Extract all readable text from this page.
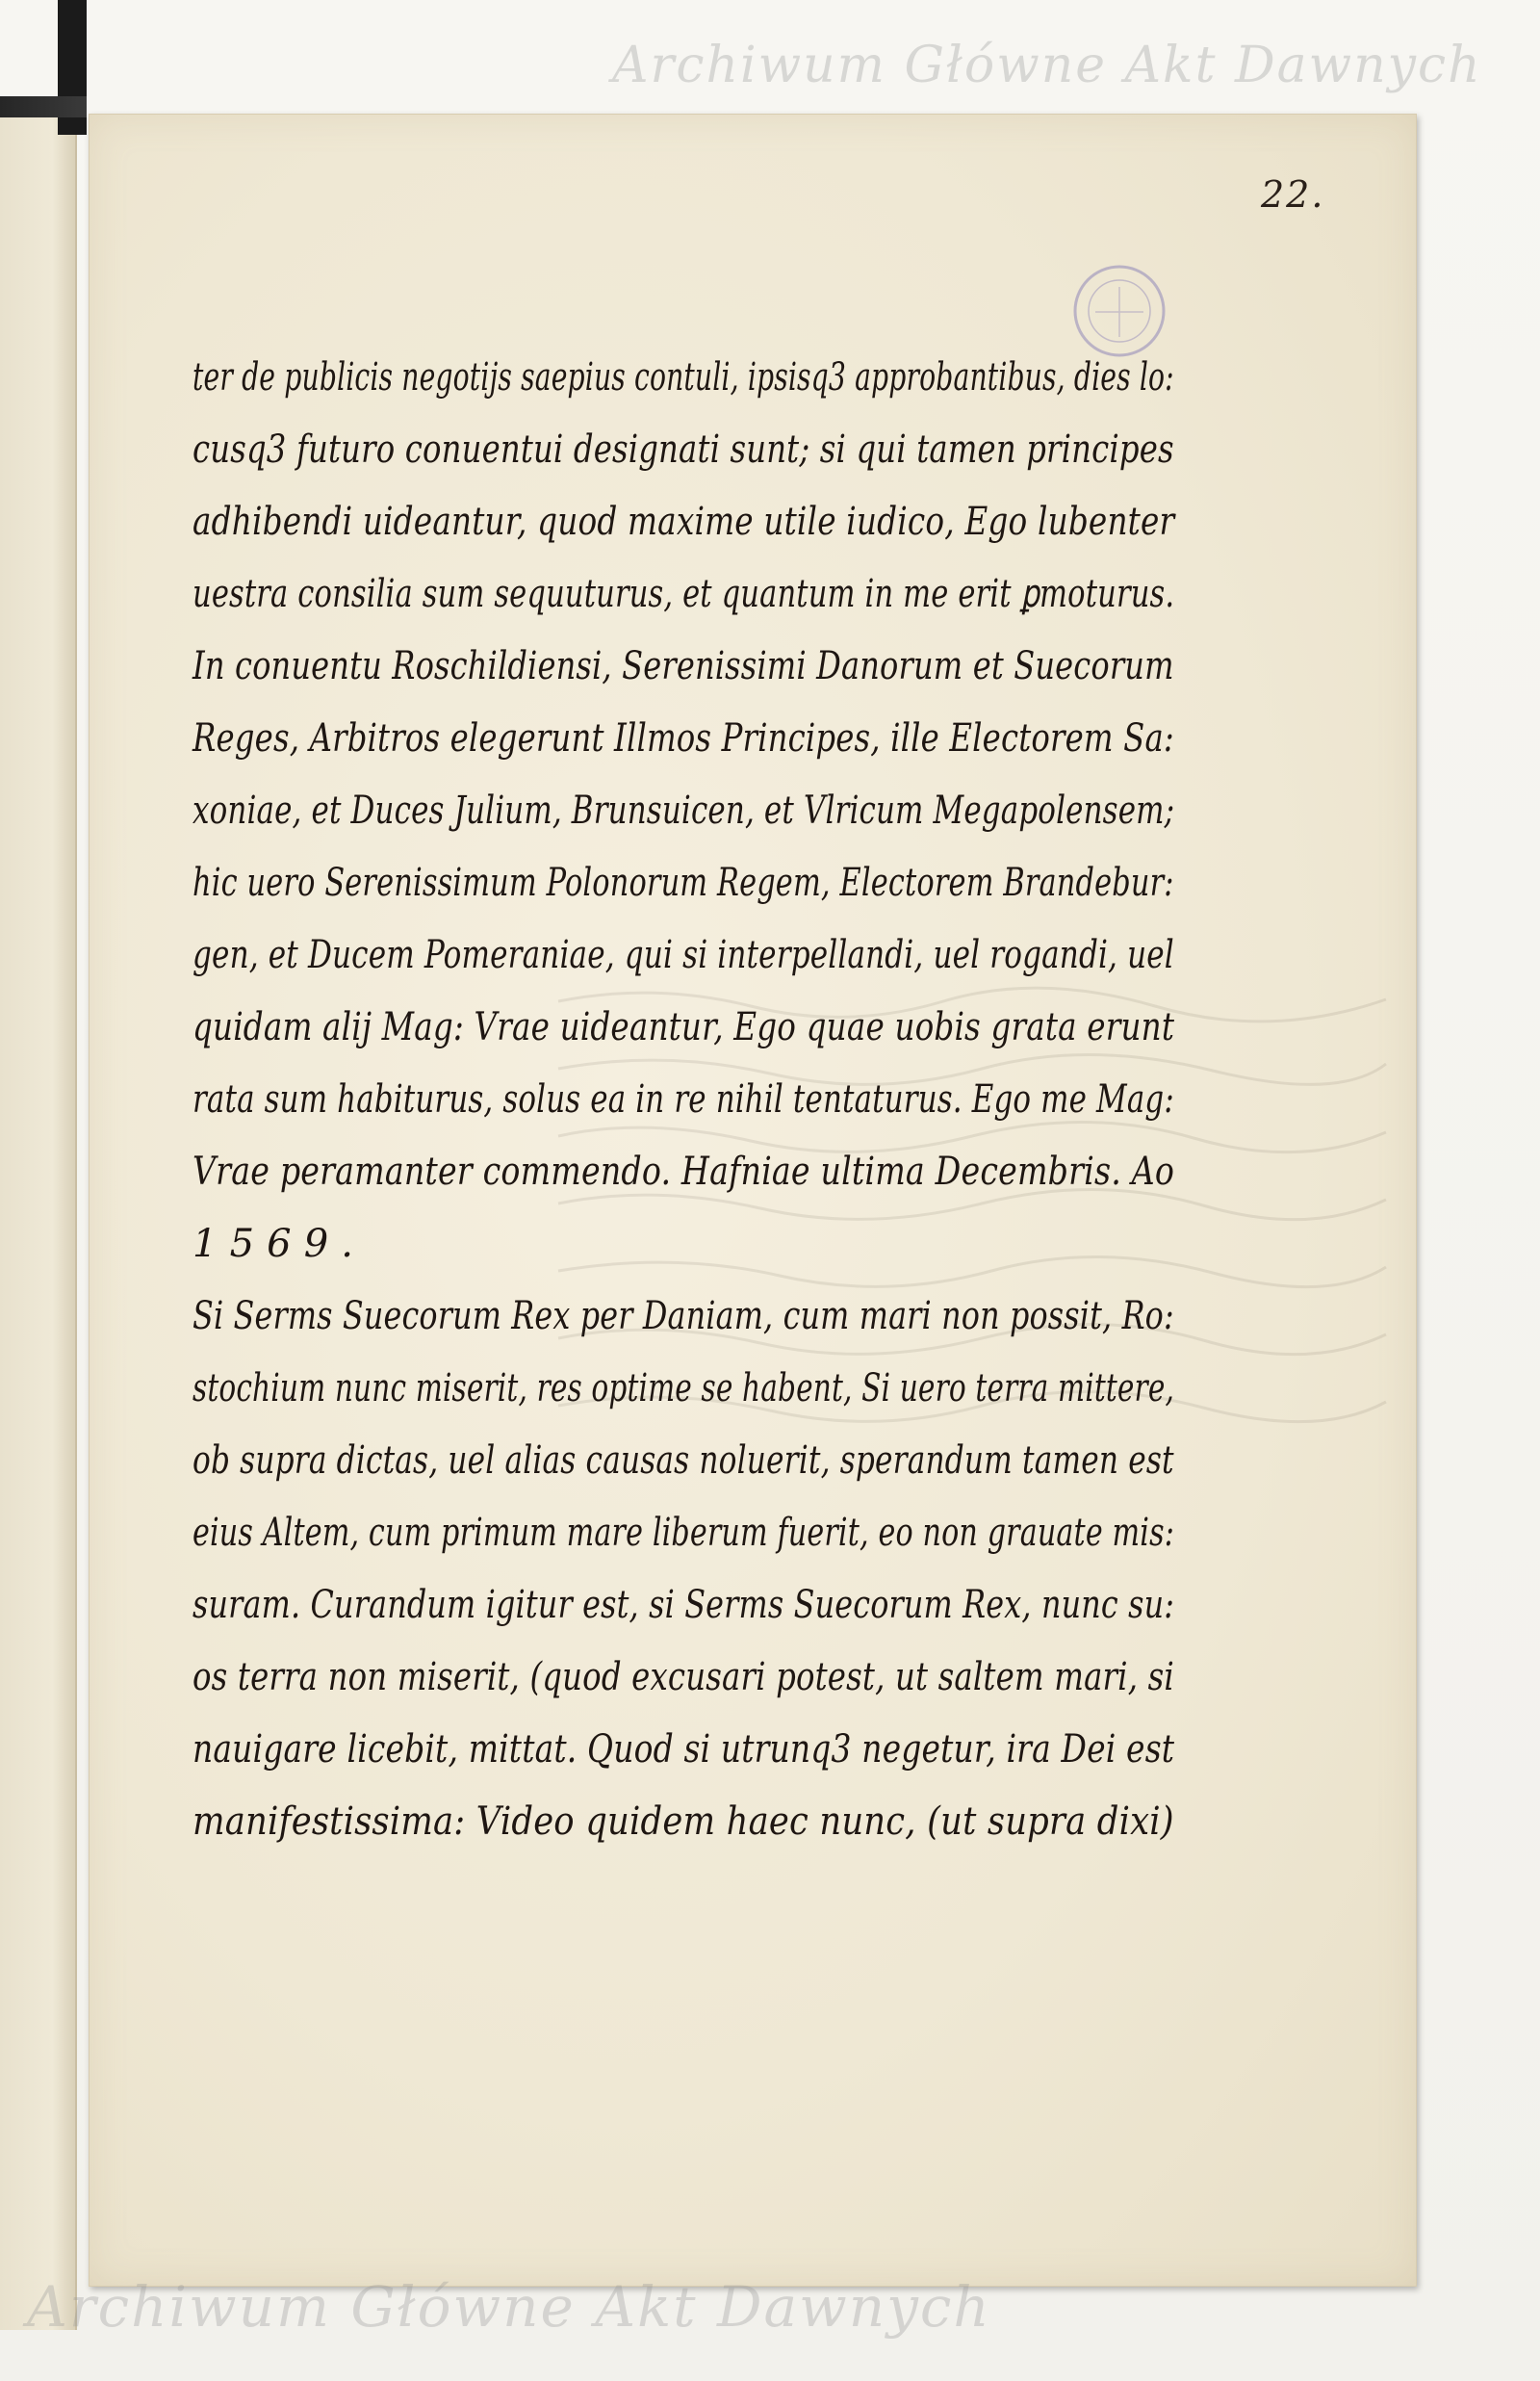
Archiwum Główne Akt Dawnych
22.
ter de publicis negotijs saepius contuli, ipsisq3 approbantibus, dies lo:
cusq3 futuro conuentui designati sunt; si qui tamen principes
adhibendi uideantur, quod maxime utile iudico, Ego lubenter
uestra consilia sum sequuturus, et quantum in me erit ꝑmoturus.
In conuentu Roschildiensi, Serenissimi Danorum et Suecorum
Reges, Arbitros elegerunt Illmos Principes, ille Electorem Sa:
xoniae, et Duces Julium, Brunsuicen, et Vlricum Megapolensem;
hic uero Serenissimum Polonorum Regem, Electorem Brandebur:
gen, et Ducem Pomeraniae, qui si interpellandi, uel rogandi, uel
quidam alij Mag: Vrae uideantur, Ego quae uobis grata erunt
rata sum habiturus, solus ea in re nihil tentaturus. Ego me Mag:
Vrae peramanter commendo. Hafniae ultima Decembris. Ao
1 5 6 9 .
Si Serms Suecorum Rex per Daniam, cum mari non possit, Ro:
stochium nunc miserit, res optime se habent, Si uero terra mittere,
ob supra dictas, uel alias causas noluerit, sperandum tamen est
eius Altem, cum primum mare liberum fuerit, eo non grauate mis:
suram. Curandum igitur est, si Serms Suecorum Rex, nunc su:
os terra non miserit, (quod excusari potest, ut saltem mari, si
nauigare licebit, mittat. Quod si utrunq3 negetur, ira Dei est
manifestissima: Video quidem haec nunc, (ut supra dixi)
Archiwum Główne Akt Dawnych
